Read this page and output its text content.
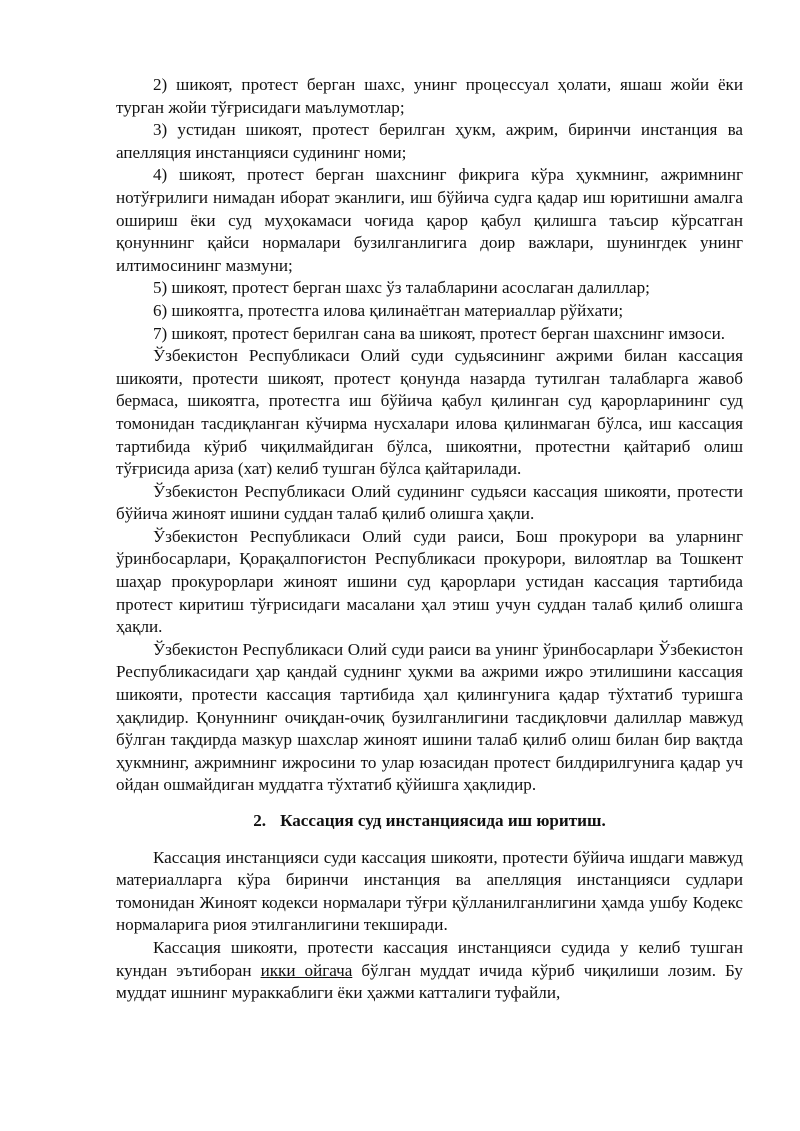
2) шикоят, протест берган шахс, унинг процессуал ҳолати, яшаш жойи ёки турган жойи тўғрисидаги маълумотлар;

3) устидан шикоят, протест берилган ҳукм, ажрим, биринчи инстанция ва апелляция инстанцияси судининг номи;

4) шикоят, протест берган шахснинг фикрига кўра ҳукмнинг, ажримнинг нотўғрилиги нимадан иборат эканлиги, иш бўйича судга қадар иш юритишни амалга ошириш ёки суд муҳокамаси чоғида қарор қабул қилишга таъсир кўрсатган қонуннинг қайси нормалари бузилганлигига доир важлари, шунингдек унинг илтимосининг мазмуни;

5) шикоят, протест берган шахс ўз талабларини асослаган далиллар;

6) шикоятга, протестга илова қилинаётган материаллар рўйхати;

7) шикоят, протест берилган сана ва шикоят, протест берган шахснинг имзоси.

Ўзбекистон Республикаси Олий суди судьясининг ажрими билан кассация шикояти, протести шикоят, протест қонунда назарда тутилган талабларга жавоб бермаса, шикоятга, протестга иш бўйича қабул қилинган суд қарорларининг суд томонидан тасдиқланган кўчирма нусхалари илова қилинмаган бўлса, иш кассация тартибида кўриб чиқилмайдиган бўлса, шикоятни, протестни қайтариб олиш тўғрисида ариза (хат) келиб тушган бўлса қайтарилади.

Ўзбекистон Республикаси Олий судининг судьяси кассация шикояти, протести бўйича жиноят ишини суддан талаб қилиб олишга ҳақли.

Ўзбекистон Республикаси Олий суди раиси, Бош прокурори ва уларнинг ўринбосарлари, Қорақалпоғистон Республикаси прокурори, вилоятлар ва Тошкент шаҳар прокурорлари жиноят ишини суд қарорлари устидан кассация тартибида протест киритиш тўғрисидаги масалани ҳал этиш учун суддан талаб қилиб олишга ҳақли.

Ўзбекистон Республикаси Олий суди раиси ва унинг ўринбосарлари Ўзбекистон Республикасидаги ҳар қандай суднинг ҳукми ва ажрими ижро этилишини кассация шикояти, протести кассация тартибида ҳал қилингунига қадар тўхтатиб туришга ҳақлидир. Қонуннинг очиқдан-очиқ бузилганлигини тасдиқловчи далиллар мавжуд бўлган тақдирда мазкур шахслар жиноят ишини талаб қилиб олиш билан бир вақтда ҳукмнинг, ажримнинг ижросини то улар юзасидан протест билдирилгунига қадар уч ойдан ошмайдиган муддатга тўхтатиб қўйишга ҳақлидир.

2. Кассация суд инстанциясида иш юритиш.

Кассация инстанцияси суди кассация шикояти, протести бўйича ишдаги мавжуд материалларга кўра биринчи инстанция ва апелляция инстанцияси судлари томонидан Жиноят кодекси нормалари тўғри қўлланилганлигини ҳамда ушбу Кодекс нормаларига риоя этилганлигини текширади.

Кассация шикояти, протести кассация инстанцияси судида у келиб тушган кундан эътиборан икки ойгача бўлган муддат ичида кўриб чиқилиши лозим. Бу муддат ишнинг мураккаблиги ёки ҳажми катталиги туфайли,
